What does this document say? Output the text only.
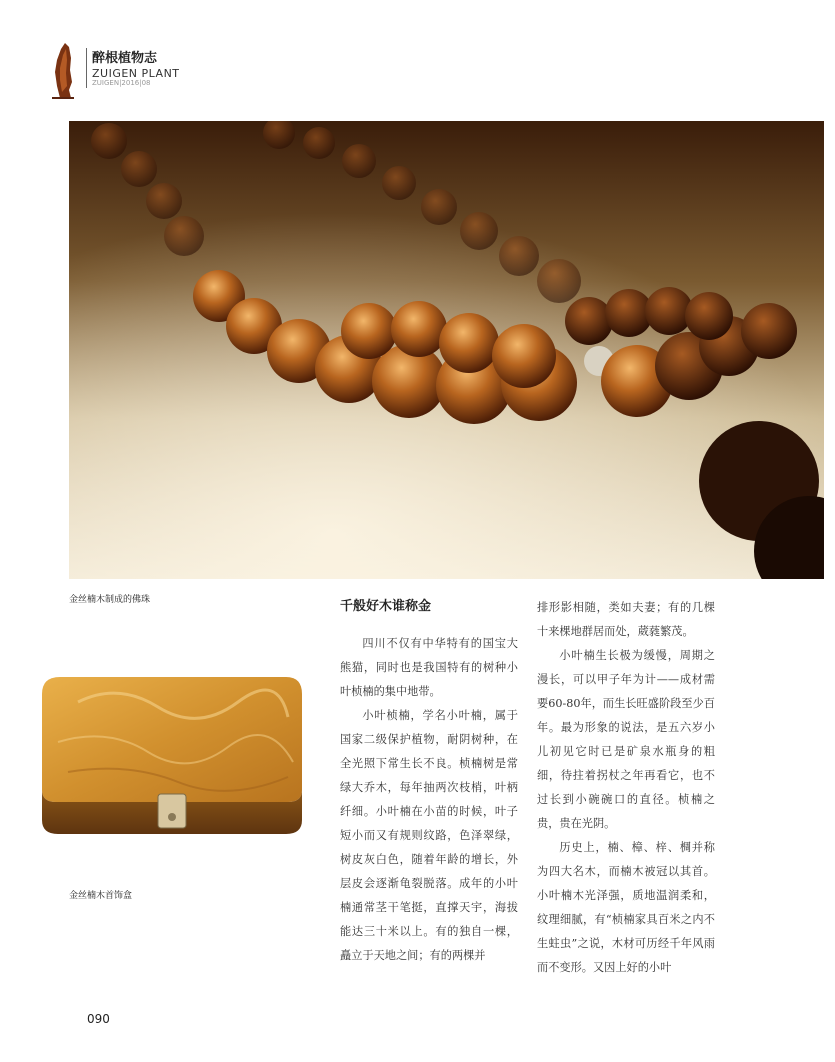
醉根植物志
ZUIGEN PLANT
ZUIGEN|2016|08
金丝楠木制成的佛珠
金丝楠木首饰盒
千般好木谁称金

四川不仅有中华特有的国宝大熊猫，同时也是我国特有的树种小叶桢楠的集中地带。

小叶桢楠，学名小叶楠，属于国家二级保护植物，耐阴树种，在全光照下常生长不良。桢楠树是常绿大乔木，每年抽两次枝梢，叶柄纤细。小叶楠在小苗的时候，叶子短小而又有规则纹路，色泽翠绿，树皮灰白色，随着年龄的增长，外层皮会逐渐龟裂脱落。成年的小叶楠通常茎干笔挺，直撑天宇，海拔能达三十米以上。有的独自一棵，矗立于天地之间；有的两棵并

排形影相随，类如夫妻；有的几棵十来棵地群居而处，葳蕤繁茂。

小叶楠生长极为缓慢，周期之漫长，可以甲子年为计——成材需要60-80年，而生长旺盛阶段至少百年。最为形象的说法，是五六岁小儿初见它时已是矿泉水瓶身的粗细，待拄着拐杖之年再看它，也不过长到小碗碗口的直径。桢楠之贵，贵在光阴。

历史上，楠、樟、梓、椆并称为四大名木，而楠木被冠以其首。小叶楠木光泽强，质地温润柔和，纹理细腻，有“桢楠家具百米之内不生蛀虫”之说，木材可历经千年风雨而不变形。又因上好的小叶

090
